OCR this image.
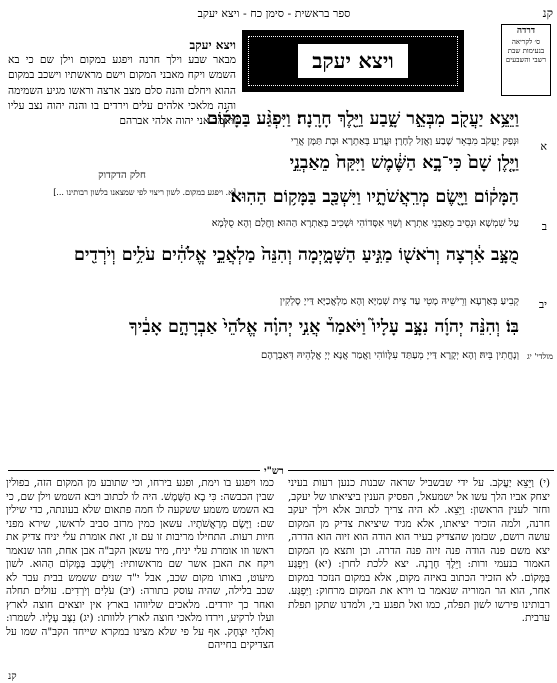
קנ
ספר בראשית - סימן כח - ויצא יעקב
דרדה
ס׳ לקריאה
בנעימות שבת
רשבי והשבעים
ויצא יעקב
ויצא יעקב
מבאר שבע וילך חרנה ויפגע במקום וילן שם כי בא השמש ויקח מאבני המקום וישם מראשתיו וישכב במקום ההוא ויחלם והנה סלם מצב ארצה וראשו מגיע השמימה והנה מלאכי אלהים עלים וירדים בו והנה יהוה נצב עליו ויאמר אני יהוה אלהי אברהם
חלק הדקדוק
[א. ויפגע במקום. לשון ריצוי לפי שמצאנו בלשון רבותינו ...]
וַיֵּצֵ֥א יַעֲקֹ֖ב מִבְּאֵ֣ר שָׁ֑בַע וַיֵּ֖לֶךְ חָרָֽנָה׃ וַיִּפְגַּ֨ע בַּמָּק֜וֹם
וּנְפַק יַעֲקֹב מִבְּאֵר שָׁבַע וַאֲזַל לְחָרָן׃ וּעֲרַע בְּאַתְרָא וּבָת תַּמָּן אֲרֵי
וַיָּ֤לֶן שָׁם֙ כִּי־בָ֣א הַשֶּׁ֔מֶשׁ וַיִּקַּח֙ מֵאַבְנֵ֣י
הַמָּק֔וֹם וַיָּ֖שֶׂם מְרַֽאֲשֹׁתָ֑יו וַיִּשְׁכַּ֖ב בַּמָּק֥וֹם הַהֽוּא׃
עַל שִׁמְשָׁא וּנְסֵיב מֵאַבְנֵי אַתְרָא וְשַׁוִּי אִסָּדוֹהִי וּשְׁכִיב בְּאַתְרָא הַהוּא׃ וַחֲלַם וְהָא סֻלְּמָא
מֻצָּ֣ב אַ֔רְצָה וְרֹאשׁ֖וֹ מַגִּ֣יעַ הַשָּׁמָ֑יְמָה וְהִנֵּה֙ מַלְאֲכֵ֣י אֱלֹהִ֔ים עֹלִ֥ים וְיֹרְדִ֖ים
קְבִיעַ בְּאַרְעָא וְרֵישֵׁיהּ מָטֵי עַד צֵית שְׁמַיָּא וְהָא מַלְאֲכַיָּא דַּייָ סָלְקִין
בּֽוֹ׃ וְהִנֵּ֨ה יְהוָ֜ה נִצָּ֣ב עָלָיו֮ וַיֹּאמַר֒ אֲנִ֣י יְהוָ֗ה אֱלֹהֵי֙ אַבְרָהָ֣ם אָבִ֔יךָ
וְנָחֲתִין בֵּיהּ׃ וְהָא יְקָרָא דַּייָ מְעַתַּד עִלָּווֹהִי וַאֲמַר אֲנָא יְיָ אֱלָהֵיהּ דְּאַבְרָהָם
א
ב
יב
מולדי' יג
רש"י

(י) וַיֵּצֵא יַעֲקֹב. על ידי שבשביל שראה שבנות כנען רעות בעיני יצחק אביו הלך עשו אל ישמעאל, הפסיק הענין ביציאתו של יעקב, וחזר לענין הראשון: וַיֵּצֵא. לא היה צריך לכתוב אלא וילך יעקב חרנה, ולמה הזכיר יציאתו, אלא מגיד שיציאת צדיק מן המקום עושה רושם, שבזמן שהצדיק בעיר הוא הודה הוא זיוה הוא הדרה, יצא משם פנה הודה פנה זיוה פנה הדרה. וכן ותצא מן המקום האמור בנעמי ורות: וַיֵּלֶךְ חָרָנָה. יצא ללכת לחרן: (יא) וַיִּפְגַּע בַּמָּקוֹם. לא הזכיר הכתוב באיזה מקום, אלא במקום הנזכר במקום אחר, הוא הר המוריה שנאמר בו וירא את המקום מרחוק: וַיִּפְגַּע. רבותינו פירשו לשון תפלה, כמו ואל תפגע בי, ולמדנו שתקן תפלת ערבית.

כמו ויפגע בו וימת, ופגע בירחו, וכי שתובע מן המקום הזה, בפולין שבין הכבשה: כִּי בָא הַשֶּׁמֶשׁ. היה לו לכתוב ויבא השמש וילן שם, כי בא השמש משמע ששקעה לו חמה פתאום שלא בעונתה, כדי שילין שם: וַיָּשֶׂם מְרַאֲשֹׁתָיו. עשאן כמין מרזב סביב לראשו, שירא מפני חיות רעות. התחילו מריבות זו עם זו, זאת אומרת עלי יניח צדיק את ראשו וזו אומרת עלי יניח, מיד עשאן הקב"ה אבן אחת, וזהו שנאמר ויקח את האבן אשר שם מראשותיו: וַיִּשְׁכַּב בַּמָּקוֹם הַהוּא. לשון מיעוט, באותו מקום שכב, אבל י"ד שנים ששמש בבית עבר לא שכב בלילה, שהיה עוסק בתורה: (יב) עֹלִים וְיֹרְדִים. עולים תחלה ואחר כך יורדים. מלאכים שליווהו בארץ אין יוצאים חוצה לארץ ועלו לרקיע, וירדו מלאכי חוצה לארץ ללוותו: (יג) נִצָּב עָלָיו. לשמרו: וְאלֹהֵי יִצְחָק. אף על פי שלא מצינו במקרא שייחד הקב"ה שמו על הצדיקים בחייהם

קנ
